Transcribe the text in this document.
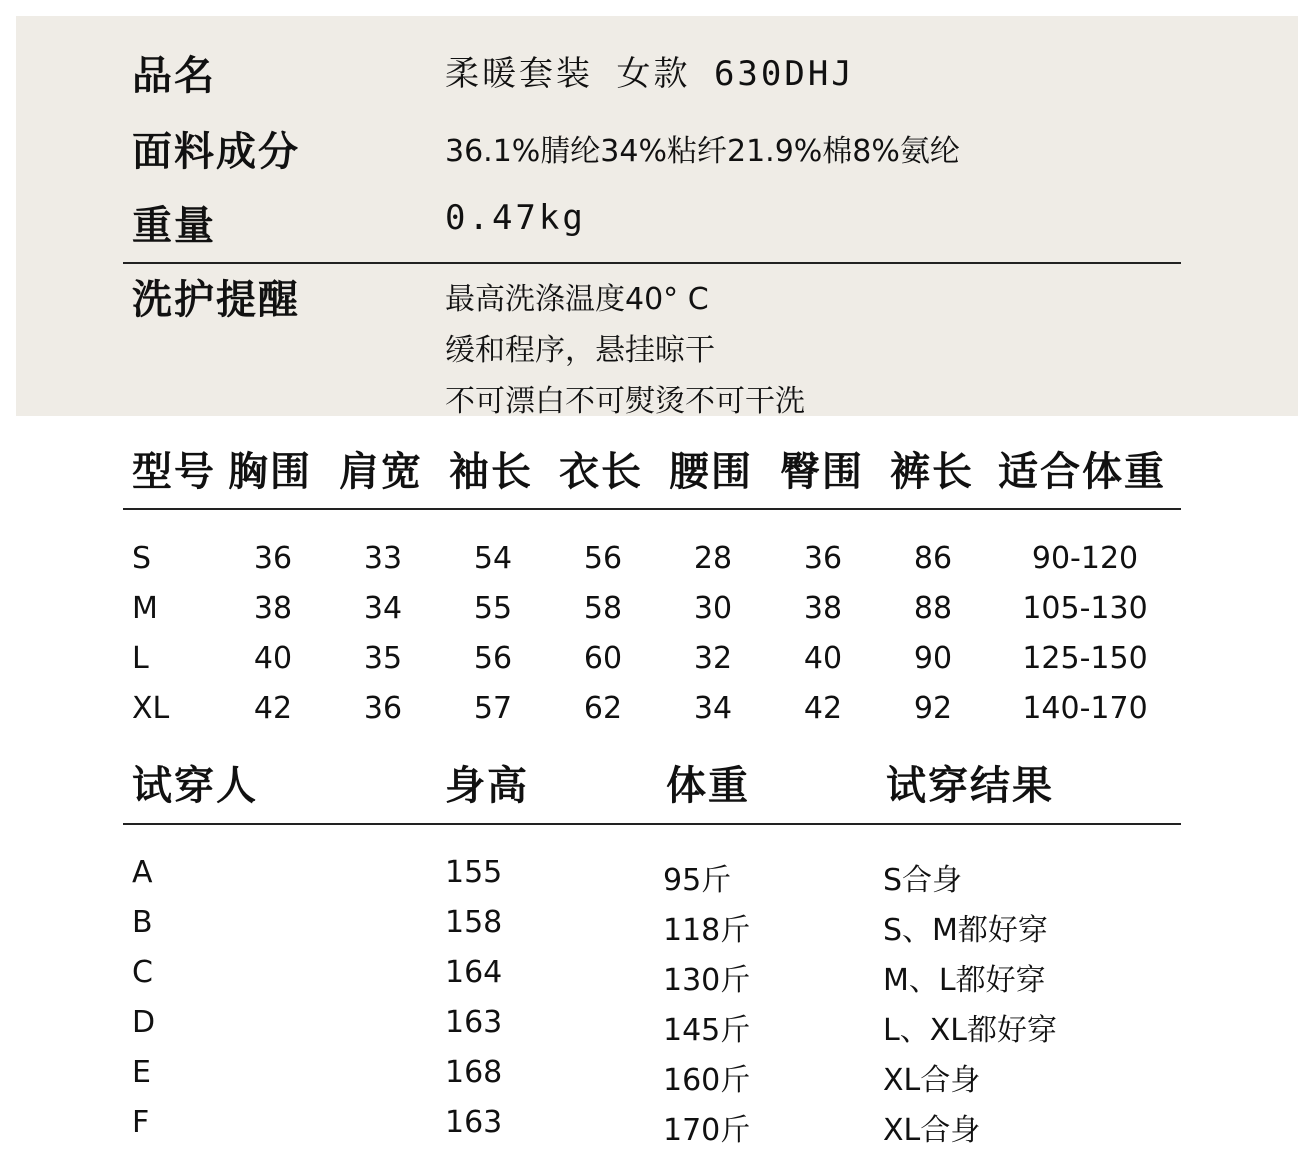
品名	柔暖套装 女款 630DHJ
面料成分	36.1%腈纶34%粘纤21.9%棉8%氨纶
重量	0.47kg
洗护提醒	最高洗涤温度40° C
缓和程序，悬挂晾干
不可漂白不可熨烫不可干洗
型号 胸围 肩宽 袖长 衣长 腰围 臀围 裤长 适合体重
S	36	33	54	56	28	36	86	90-120
M	38	34	55	58	30	38	88	105-130
L	40	35	56	60	32	40	90	125-150
XL	42	36	57	62	34	42	92	140-170
试穿人	身高	体重	试穿结果
A	155	95斤	S合身
B	158	118斤	S、M都好穿
C	164	130斤	M、L都好穿
D	163	145斤	L、XL都好穿
E	168	160斤	XL合身
F	163	170斤	XL合身
